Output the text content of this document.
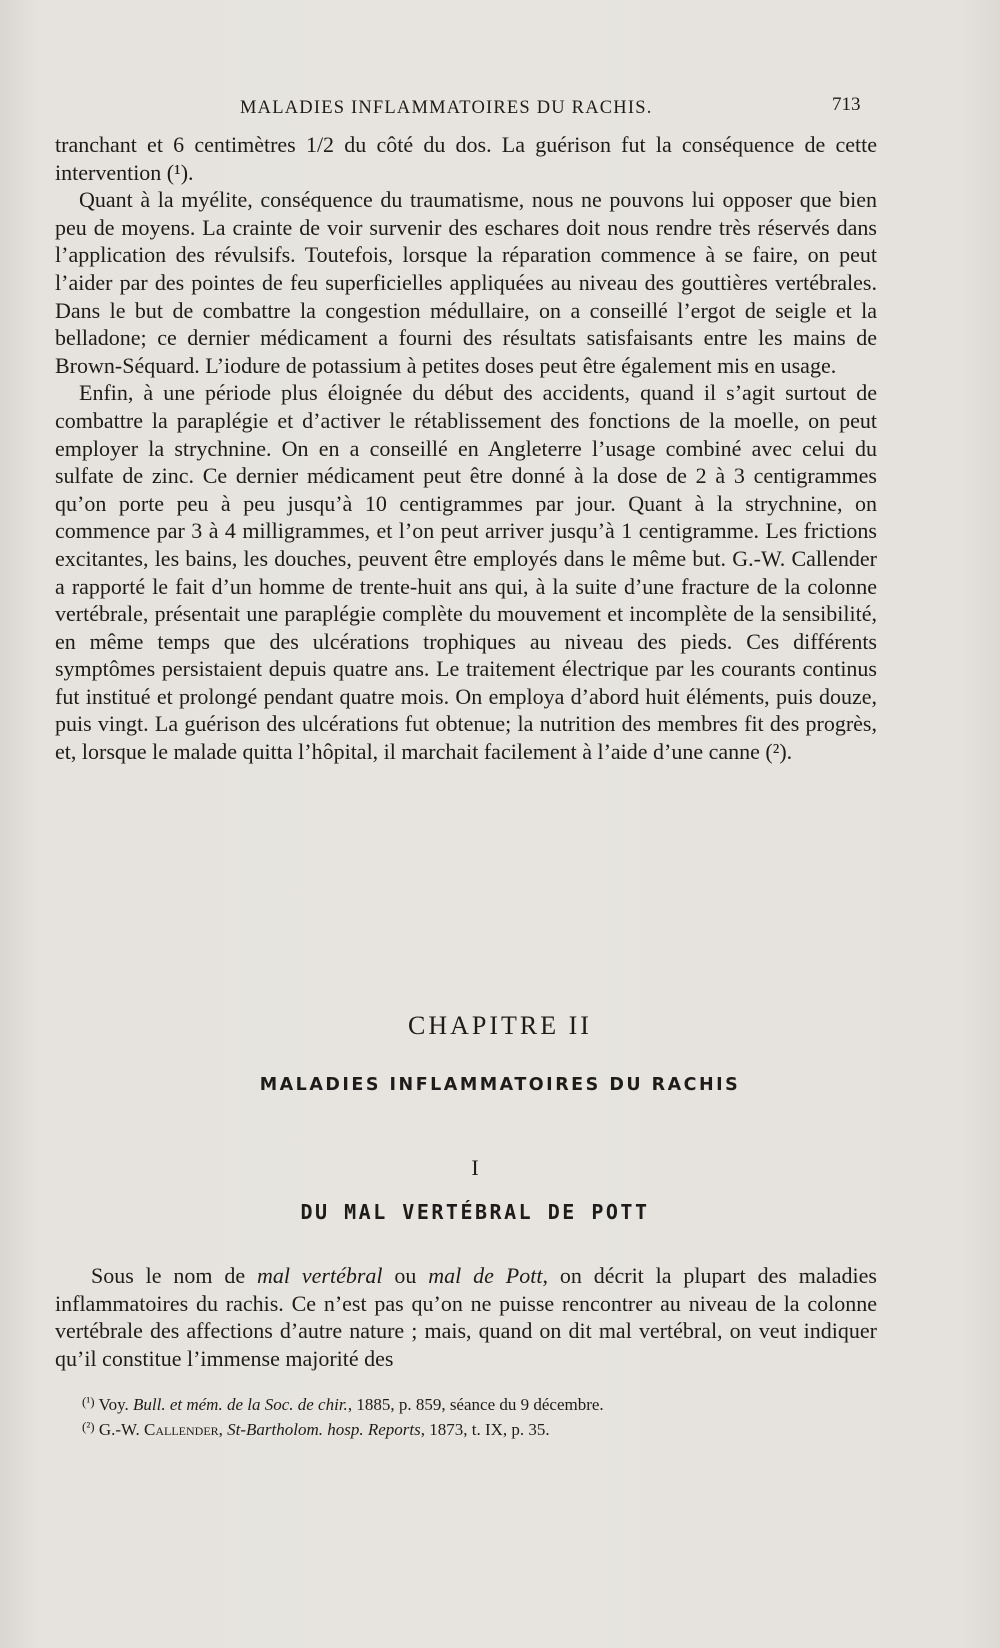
MALADIES INFLAMMATOIRES DU RACHIS.	713

tranchant et 6 centimètres 1/2 du côté du dos. La guérison fut la conséquence de cette intervention (¹).

Quant à la myélite, conséquence du traumatisme, nous ne pouvons lui opposer que bien peu de moyens. La crainte de voir survenir des eschares doit nous rendre très réservés dans l’application des révulsifs. Toutefois, lorsque la réparation commence à se faire, on peut l’aider par des pointes de feu superficielles appliquées au niveau des gouttières vertébrales. Dans le but de combattre la congestion médullaire, on a conseillé l’ergot de seigle et la belladone; ce dernier médicament a fourni des résultats satisfaisants entre les mains de Brown-Séquard. L’iodure de potassium à petites doses peut être également mis en usage.

Enfin, à une période plus éloignée du début des accidents, quand il s’agit surtout de combattre la paraplégie et d’activer le rétablissement des fonctions de la moelle, on peut employer la strychnine. On en a conseillé en Angleterre l’usage combiné avec celui du sulfate de zinc. Ce dernier médicament peut être donné à la dose de 2 à 3 centigrammes qu’on porte peu à peu jusqu’à 10 centigrammes par jour. Quant à la strychnine, on commence par 3 à 4 milligrammes, et l’on peut arriver jusqu’à 1 centigramme. Les frictions excitantes, les bains, les douches, peuvent être employés dans le même but. G.-W. Callender a rapporté le fait d’un homme de trente-huit ans qui, à la suite d’une fracture de la colonne vertébrale, présentait une paraplégie complète du mouvement et incomplète de la sensibilité, en même temps que des ulcérations trophiques au niveau des pieds. Ces différents symptômes persistaient depuis quatre ans. Le traitement électrique par les courants continus fut institué et prolongé pendant quatre mois. On employa d’abord huit éléments, puis douze, puis vingt. La guérison des ulcérations fut obtenue; la nutrition des membres fit des progrès, et, lorsque le malade quitta l’hôpital, il marchait facilement à l’aide d’une canne (²).

CHAPITRE II
MALADIES INFLAMMATOIRES DU RACHIS
I
DU MAL VERTÉBRAL DE POTT

Sous le nom de mal vertébral ou mal de Pott, on décrit la plupart des maladies inflammatoires du rachis. Ce n’est pas qu’on ne puisse rencontrer au niveau de la colonne vertébrale des affections d’autre nature ; mais, quand on dit mal vertébral, on veut indiquer qu’il constitue l’immense majorité des

$^{(^1)}$ Voy. Bull. et mém. de la Soc. de chir., 1885, p. 859, séance du 9 décembre.

$^{(^2)}$ G.-W. Callender, St-Bartholom. hosp. Reports, 1873, t. IX, p. 35.
